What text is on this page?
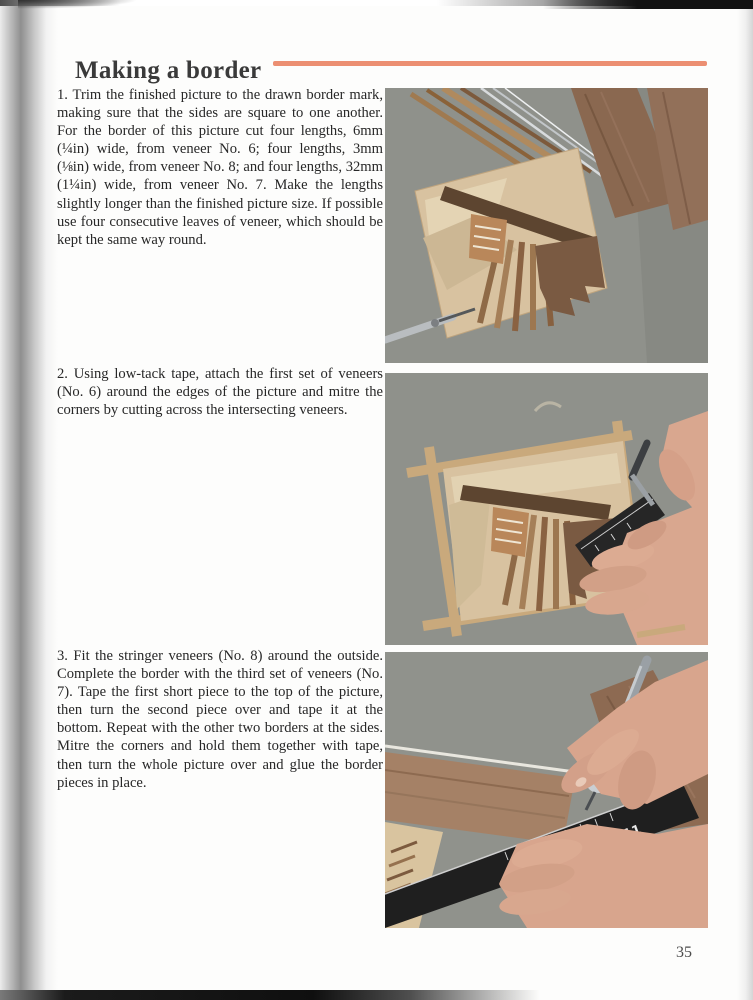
Making a border

1. Trim the finished picture to the drawn border mark, making sure that the sides are square to one another. For the border of this picture cut four lengths, 6mm (¼in) wide, from veneer No. 6; four lengths, 3mm (⅛in) wide, from veneer No. 8; and four lengths, 32mm (1¼in) wide, from veneer No. 7. Make the lengths slightly longer than the finished picture size. If possible use four consecutive leaves of veneer, which should be kept the same way round.

2. Using low-tack tape, attach the first set of veneers (No. 6) around the edges of the picture and mitre the corners by cutting across the intersecting veneers.

3. Fit the stringer veneers (No. 8) around the outside. Complete the border with the third set of veneers (No. 7). Tape the first short piece to the top of the picture, then turn the second piece over and tape it at the bottom. Repeat with the other two borders at the sides. Mitre the corners and hold them together with tape, then turn the whole picture over and glue the border pieces in place.

35
